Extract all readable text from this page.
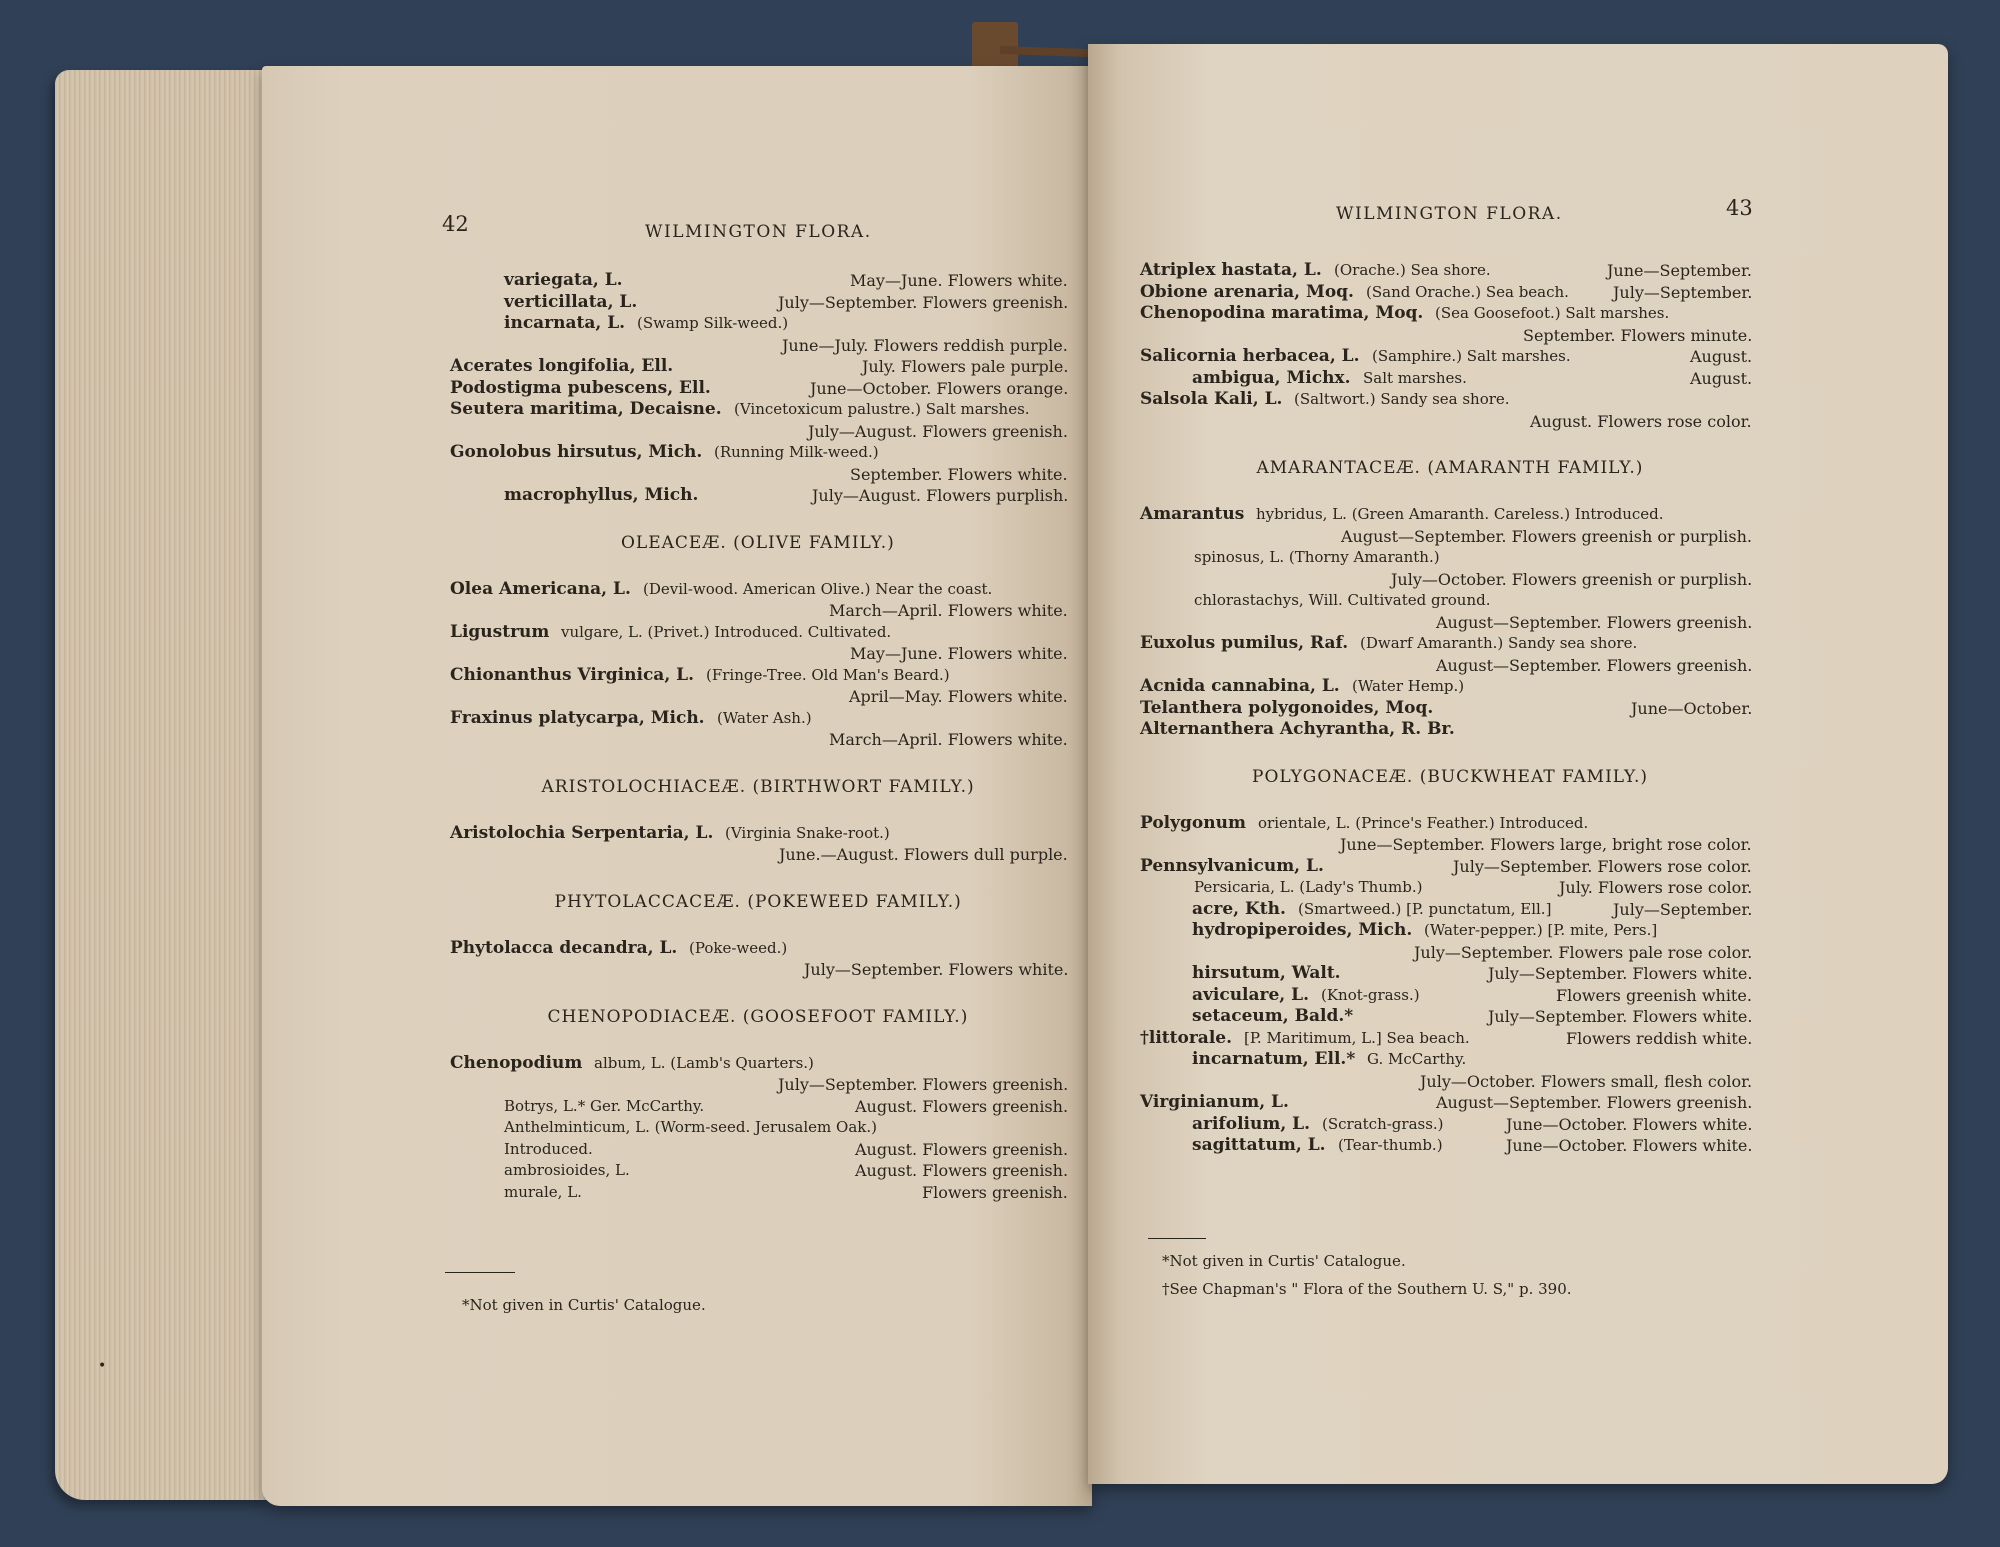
42	WILMINGTON FLORA.
variegata, L.	May—June. Flowers white.
verticillata, L.	July—September. Flowers greenish.
incarnata, L. (Swamp Silk-weed.)
June—July. Flowers reddish purple.
Acerates longifolia, Ell.	July. Flowers pale purple.
Podostigma pubescens, Ell.	June—October. Flowers orange.
Seutera maritima, Decaisne. (Vincetoxicum palustre.) Salt marshes.
July—August. Flowers greenish.
Gonolobus hirsutus, Mich. (Running Milk-weed.)
September. Flowers white.
macrophyllus, Mich.	July—August. Flowers purplish.
OLEACEÆ. (OLIVE FAMILY.)
Olea Americana, L. (Devil-wood. American Olive.) Near the coast.
March—April. Flowers white.
Ligustrum vulgare, L. (Privet.) Introduced. Cultivated.
May—June. Flowers white.
Chionanthus Virginica, L. (Fringe-Tree. Old Man's Beard.)
April—May. Flowers white.
Fraxinus platycarpa, Mich. (Water Ash.)
March—April. Flowers white.
ARISTOLOCHIACEÆ. (BIRTHWORT FAMILY.)
Aristolochia Serpentaria, L. (Virginia Snake-root.)
June.—August. Flowers dull purple.
PHYTOLACCACEÆ. (POKEWEED FAMILY.)
Phytolacca decandra, L. (Poke-weed.)
July—September. Flowers white.
CHENOPODIACEÆ. (GOOSEFOOT FAMILY.)
Chenopodium album, L. (Lamb's Quarters.)
July—September. Flowers greenish.
Botrys, L.* Ger. McCarthy.	August. Flowers greenish.
Anthelminticum, L. (Worm-seed. Jerusalem Oak.)
Introduced.	August. Flowers greenish.
ambrosioides, L.	August. Flowers greenish.
murale, L.	Flowers greenish.
*Not given in Curtis' Catalogue.
•
WILMINGTON FLORA.	43
Atriplex hastata, L. (Orache.) Sea shore.	June—September.
Obione arenaria, Moq. (Sand Orache.) Sea beach.	July—September.
Chenopodina maratima, Moq. (Sea Goosefoot.) Salt marshes.
September. Flowers minute.
Salicornia herbacea, L. (Samphire.) Salt marshes.	August.
ambigua, Michx. Salt marshes.	August.
Salsola Kali, L. (Saltwort.) Sandy sea shore.
August. Flowers rose color.
AMARANTACEÆ. (AMARANTH FAMILY.)
Amarantus hybridus, L. (Green Amaranth. Careless.) Introduced.
August—September. Flowers greenish or purplish.
spinosus, L. (Thorny Amaranth.)
July—October. Flowers greenish or purplish.
chlorastachys, Will. Cultivated ground.
August—September. Flowers greenish.
Euxolus pumilus, Raf. (Dwarf Amaranth.) Sandy sea shore.
August—September. Flowers greenish.
Acnida cannabina, L. (Water Hemp.)
Telanthera polygonoides, Moq.	June—October.
Alternanthera Achyrantha, R. Br.
POLYGONACEÆ. (BUCKWHEAT FAMILY.)
Polygonum orientale, L. (Prince's Feather.) Introduced.
June—September. Flowers large, bright rose color.
Pennsylvanicum, L.	July—September. Flowers rose color.
Persicaria, L. (Lady's Thumb.)	July. Flowers rose color.
acre, Kth. (Smartweed.) [P. punctatum, Ell.]	July—September.
hydropiperoides, Mich. (Water-pepper.) [P. mite, Pers.]
July—September. Flowers pale rose color.
hirsutum, Walt.	July—September. Flowers white.
aviculare, L. (Knot-grass.)	Flowers greenish white.
setaceum, Bald.*	July—September. Flowers white.
†littorale. [P. Maritimum, L.] Sea beach.	Flowers reddish white.
incarnatum, Ell.* G. McCarthy.
July—October. Flowers small, flesh color.
Virginianum, L.	August—September. Flowers greenish.
arifolium, L. (Scratch-grass.)	June—October. Flowers white.
sagittatum, L. (Tear-thumb.)	June—October. Flowers white.
*Not given in Curtis' Catalogue.
†See Chapman's " Flora of the Southern U. S," p. 390.
